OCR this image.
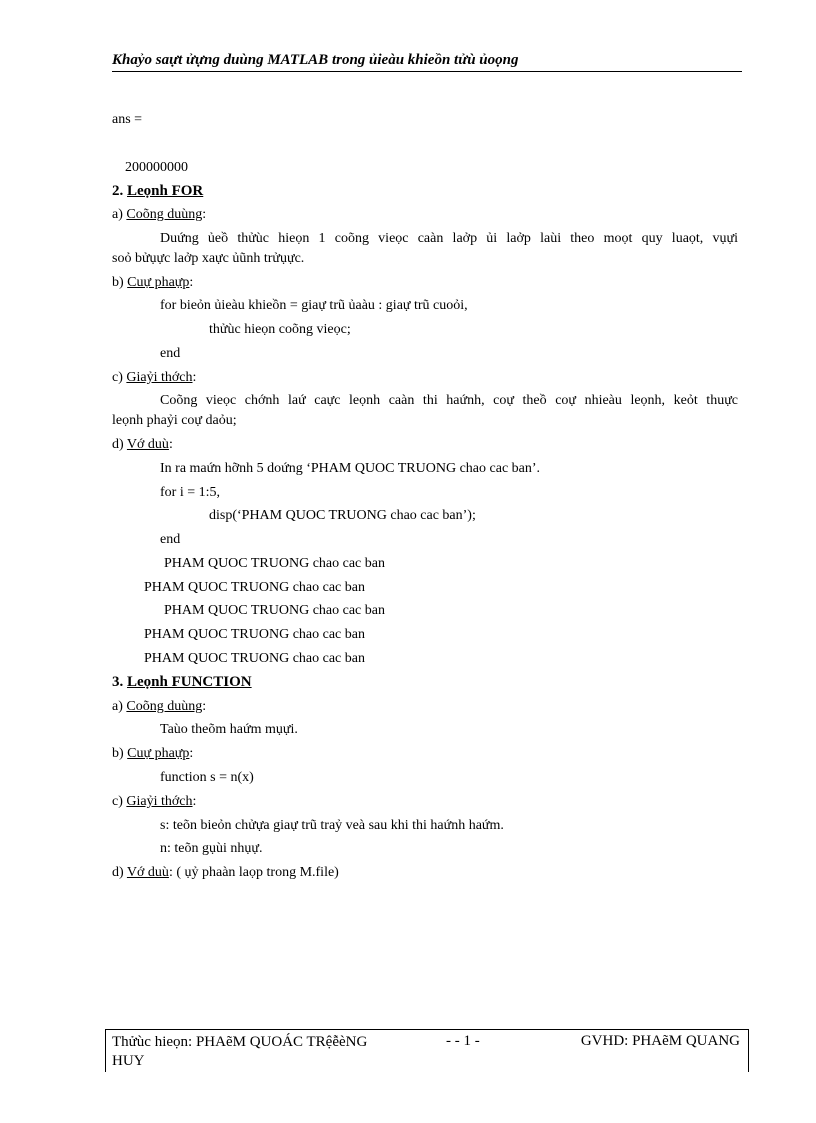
Khaỷo saựt ửựng duùng MATLAB trong ủieàu khieồn tửù ủoọng
ans =
200000000
2. Leọnh FOR
a) Coõng duùng:
Duứng ủeồ thửùc hieọn 1 coõng vieọc caàn laởp ủi laởp laùi theo moọt quy luaọt, vụựi
soỏ bửụực laởp xaực ủũnh trửụực.
b) Cuự phaựp:
for bieỏn ủieàu khieồn = giaự trũ ủaàu : giaự trũ cuoỏi,
thửùc hieọn coõng vieọc;
end
c) Giaỷi thớch:
Coõng vieọc chớnh laứ caực leọnh caàn thi haứnh, coự theồ coự nhieàu leọnh, keỏt thuực
leọnh phaỷi coự daỏu;
d) Vớ duù:
In ra maứn hỡnh 5 doứng ‘PHAM QUOC TRUONG chao cac ban’.
for i = 1:5,
disp(‘PHAM QUOC TRUONG chao cac ban’);
end
PHAM QUOC TRUONG chao cac ban
PHAM QUOC TRUONG chao cac ban
PHAM QUOC TRUONG chao cac ban
PHAM QUOC TRUONG chao cac ban
PHAM QUOC TRUONG chao cac ban
3. Leọnh FUNCTION
a) Coõng duùng:
Taùo theõm haứm mụựi.
b) Cuự phaựp:
function s = n(x)
c) Giaỷi thớch:
s: teõn bieỏn chửựa giaự trũ traỷ veà sau khi thi haứnh haứm.
n: teõn gụùi nhụự.
d) Vớ duù: ( ụỷ phaàn laọp trong M.file)
Thửùc hieọn: PHAẽM QUOÁC TRệễèNG HUY
- - 1 -	GVHD: PHAẽM QUANG
